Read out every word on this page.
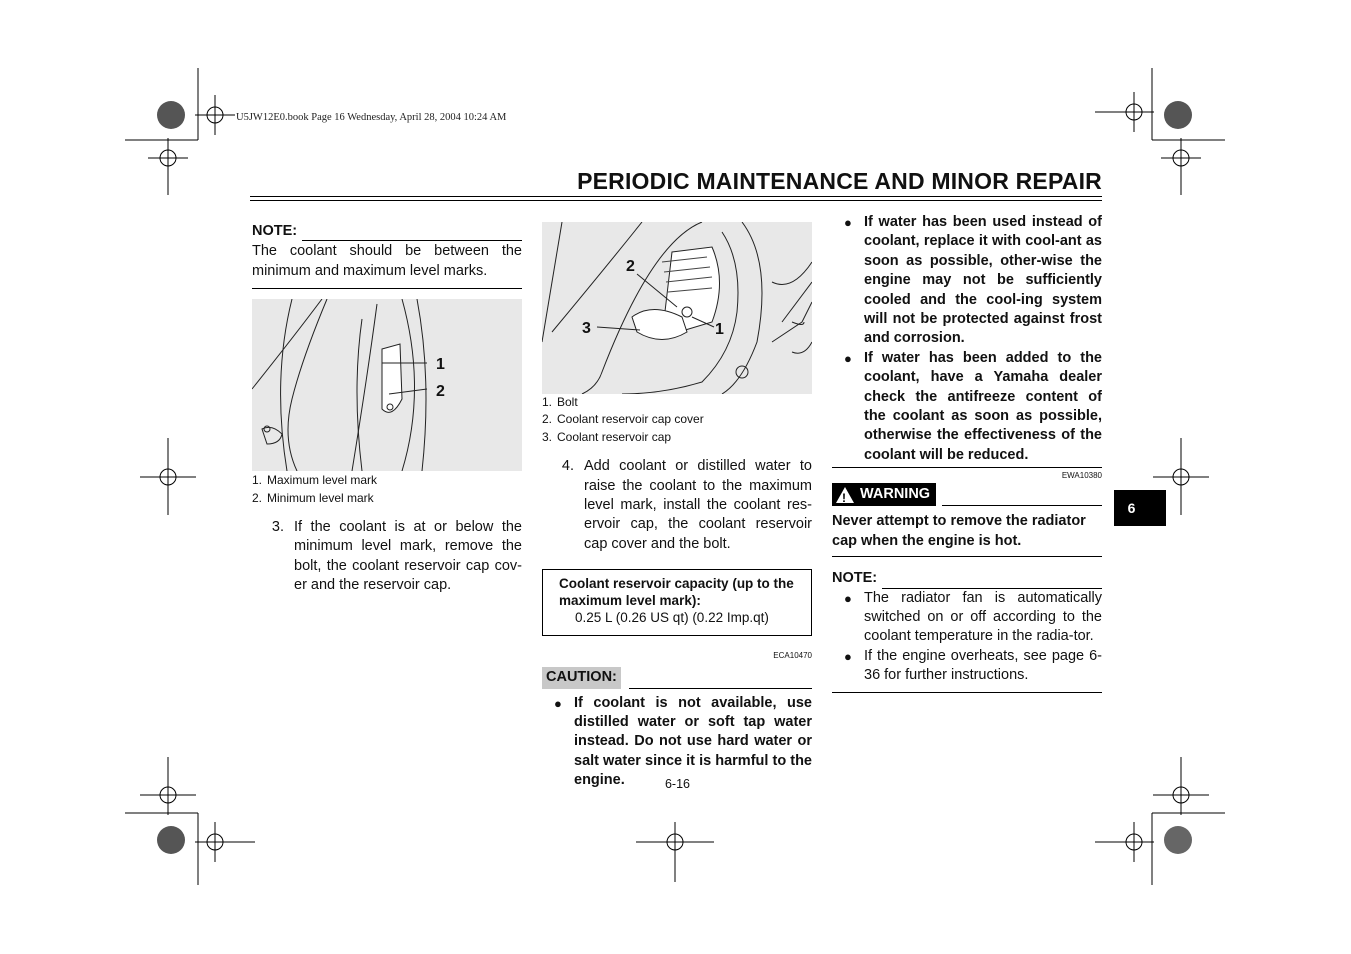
U5JW12E0.book Page 16 Wednesday, April 28, 2004 10:24 AM
PERIODIC MAINTENANCE AND MINOR REPAIR
NOTE:
The coolant should be between the minimum and maximum level marks.
1
2
1. Maximum level mark
2. Minimum level mark
3. If the coolant is at or below the minimum level mark, remove the bolt, the coolant reservoir cap cov-er and the reservoir cap.
2
3	1
1. Bolt
2. Coolant reservoir cap cover
3. Coolant reservoir cap
4. Add coolant or distilled water to raise the coolant to the maximum level mark, install the coolant res-ervoir cap, the coolant reservoir cap cover and the bolt.
Coolant reservoir capacity (up to the maximum level mark):
0.25 L (0.26 US qt) (0.22 Imp.qt)
ECA10470
CAUTION:
● If coolant is not available, use distilled water or soft tap water instead. Do not use hard water or salt water since it is harmful to the engine.
● If water has been used instead of coolant, replace it with cool-ant as soon as possible, other-wise the engine may not be sufficiently cooled and the cool-ing system will not be protected against frost and corrosion.
● If water has been added to the coolant, have a Yamaha dealer check the antifreeze content of the coolant as soon as possible, otherwise the effectiveness of the coolant will be reduced.
EWA10380
! WARNING
Never attempt to remove the radiator cap when the engine is hot.
NOTE:
● The radiator fan is automatically switched on or off according to the coolant temperature in the radia-tor.
● If the engine overheats, see page 6-36 for further instructions.
6
6-16
